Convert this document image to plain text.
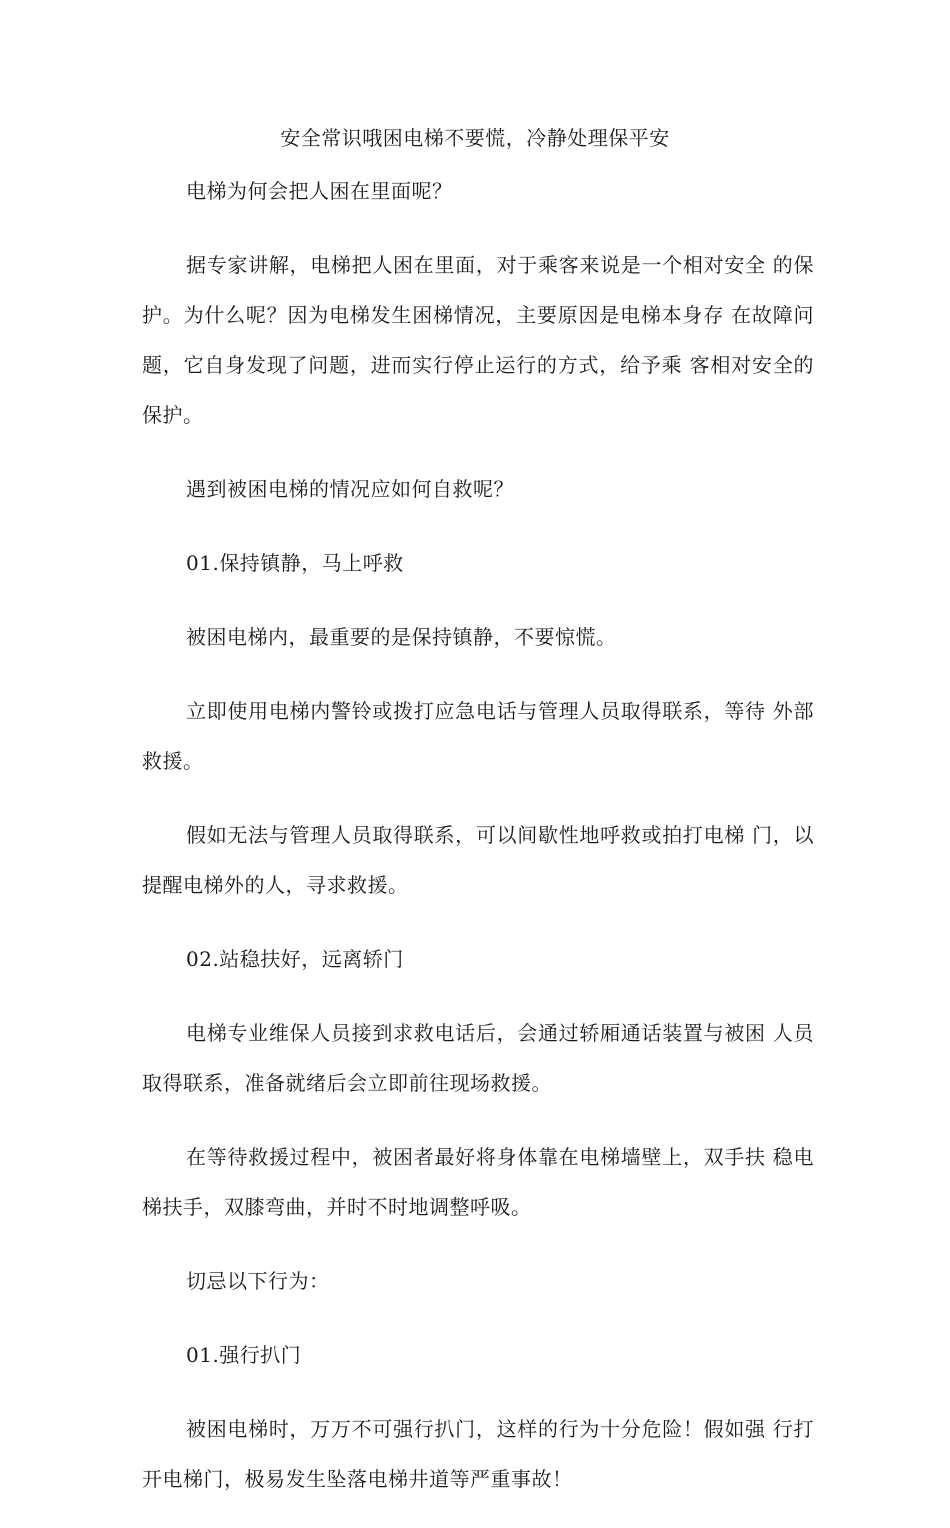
安全常识哦困电梯不要慌，冷静处理保平安

电梯为何会把人困在里面呢？

据专家讲解，电梯把人困在里面，对于乘客来说是一个相对安全 的保护。为什么呢？因为电梯发生困梯情况，主要原因是电梯本身存 在故障问题，它自身发现了问题，进而实行停止运行的方式，给予乘 客相对安全的保护。

遇到被困电梯的情况应如何自救呢？

01.保持镇静，马上呼救

被困电梯内，最重要的是保持镇静，不要惊慌。

立即使用电梯内警铃或拨打应急电话与管理人员取得联系，等待 外部救援。

假如无法与管理人员取得联系，可以间歇性地呼救或拍打电梯 门，以提醒电梯外的人，寻求救援。

02.站稳扶好，远离轿门

电梯专业维保人员接到求救电话后，会通过轿厢通话装置与被困 人员取得联系，准备就绪后会立即前往现场救援。

在等待救援过程中，被困者最好将身体靠在电梯墙壁上，双手扶 稳电梯扶手，双膝弯曲，并时不时地调整呼吸。

切忌以下行为：

01.强行扒门

被困电梯时，万万不可强行扒门，这样的行为十分危险！假如强 行打开电梯门，极易发生坠落电梯井道等严重事故！
